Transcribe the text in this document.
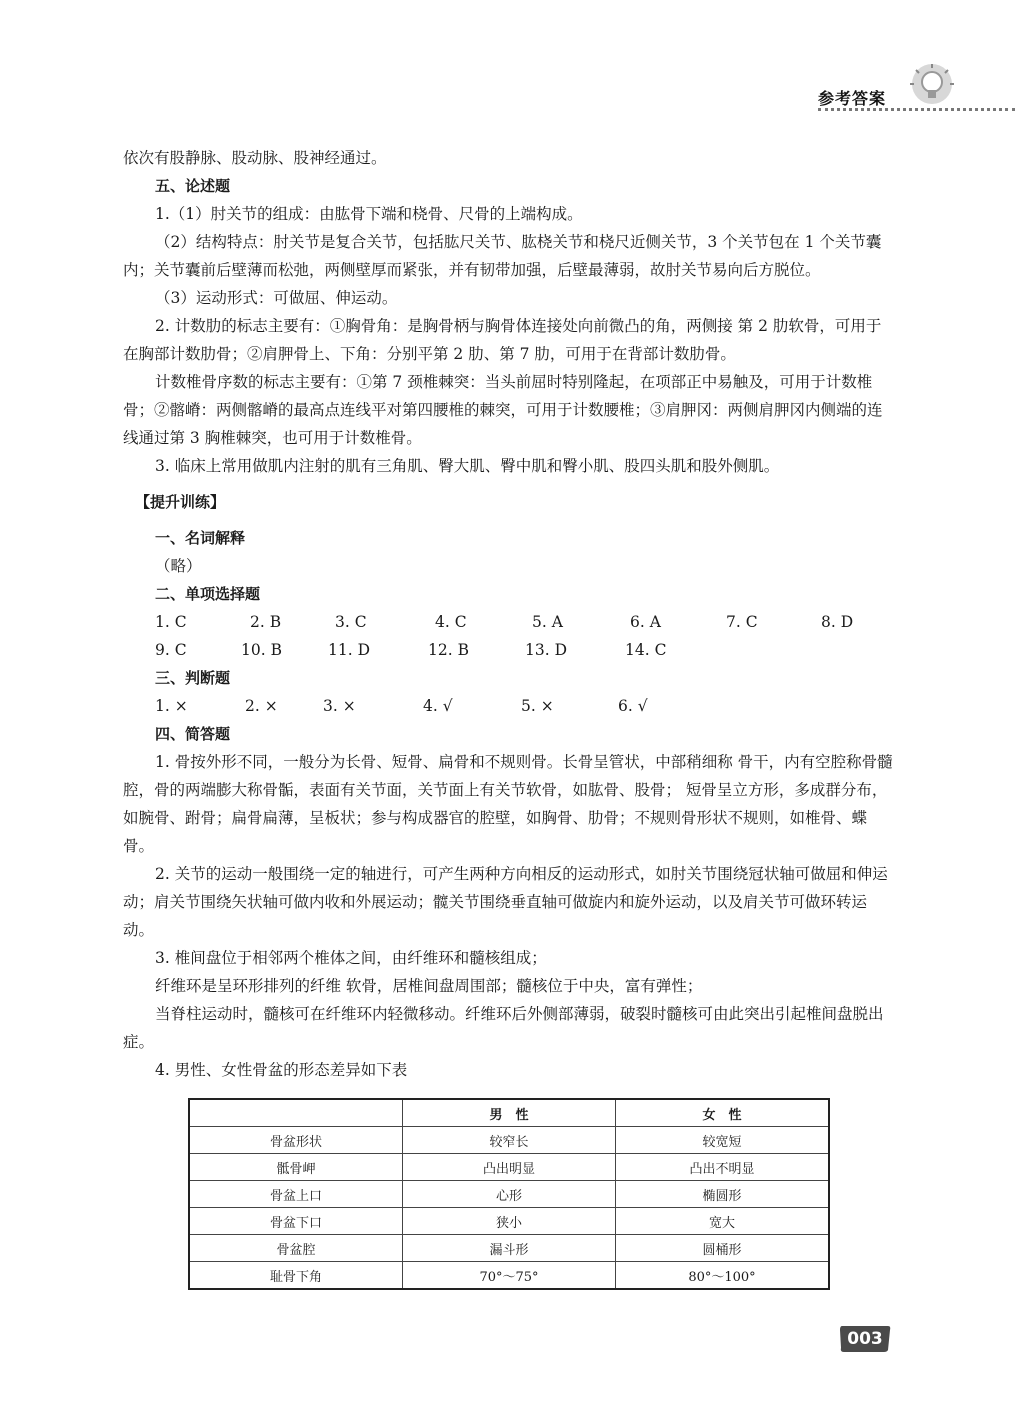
参考答案

依次有股静脉、股动脉、股神经通过。

五、论述题

1.（1）肘关节的组成：由肱骨下端和桡骨、尺骨的上端构成。

（2）结构特点：肘关节是复合关节，包括肱尺关节、肱桡关节和桡尺近侧关节，3 个关节包在 1 个关节囊内；关节囊前后壁薄而松弛，两侧壁厚而紧张，并有韧带加强，后壁最薄弱，故肘关节易向后方脱位。

（3）运动形式：可做屈、伸运动。

2. 计数肋的标志主要有：①胸骨角：是胸骨柄与胸骨体连接处向前微凸的角，两侧接 第 2 肋软骨，可用于在胸部计数肋骨；②肩胛骨上、下角：分别平第 2 肋、第 7 肋，可用于在背部计数肋骨。

计数椎骨序数的标志主要有：①第 7 颈椎棘突：当头前屈时特别隆起，在项部正中易触及，可用于计数椎骨；②髂嵴：两侧髂嵴的最高点连线平对第四腰椎的棘突，可用于计数腰椎；③肩胛冈：两侧肩胛冈内侧端的连线通过第 3 胸椎棘突，也可用于计数椎骨。

3. 临床上常用做肌内注射的肌有三角肌、臀大肌、臀中肌和臀小肌、股四头肌和股外侧肌。

【提升训练】

一、名词解释

（略）

二、单项选择题

1. C	2. B	3. C	4. C	5. A	6. A	7. C	8. D
9. C	10. B	11. D	12. B	13. D	14. C

三、判断题

1. ×	2. ×	3. ×	4. √	5. ×	6. √

四、简答题

1. 骨按外形不同，一般分为长骨、短骨、扁骨和不规则骨。长骨呈管状，中部稍细称 骨干，内有空腔称骨髓腔，骨的两端膨大称骨骺，表面有关节面，关节面上有关节软骨，如肱骨、股骨； 短骨呈立方形，多成群分布，如腕骨、跗骨；扁骨扁薄，呈板状；参与构成器官的腔壁，如胸骨、肋骨；不规则骨形状不规则，如椎骨、蝶骨。

2. 关节的运动一般围绕一定的轴进行，可产生两种方向相反的运动形式，如肘关节围绕冠状轴可做屈和伸运动；肩关节围绕矢状轴可做内收和外展运动；髋关节围绕垂直轴可做旋内和旋外运动，以及肩关节可做环转运动。

3. 椎间盘位于相邻两个椎体之间，由纤维环和髓核组成；

纤维环是呈环形排列的纤维 软骨，居椎间盘周围部；髓核位于中央，富有弹性；

当脊柱运动时，髓核可在纤维环内轻微移动。纤维环后外侧部薄弱，破裂时髓核可由此突出引起椎间盘脱出症。

4. 男性、女性骨盆的形态差异如下表

	男　性	女　性
骨盆形状	较窄长	较宽短
骶骨岬	凸出明显	凸出不明显
骨盆上口	心形	椭圆形
骨盆下口	狭小	宽大
骨盆腔	漏斗形	圆桶形
耻骨下角	70°～75°	80°～100°
003
